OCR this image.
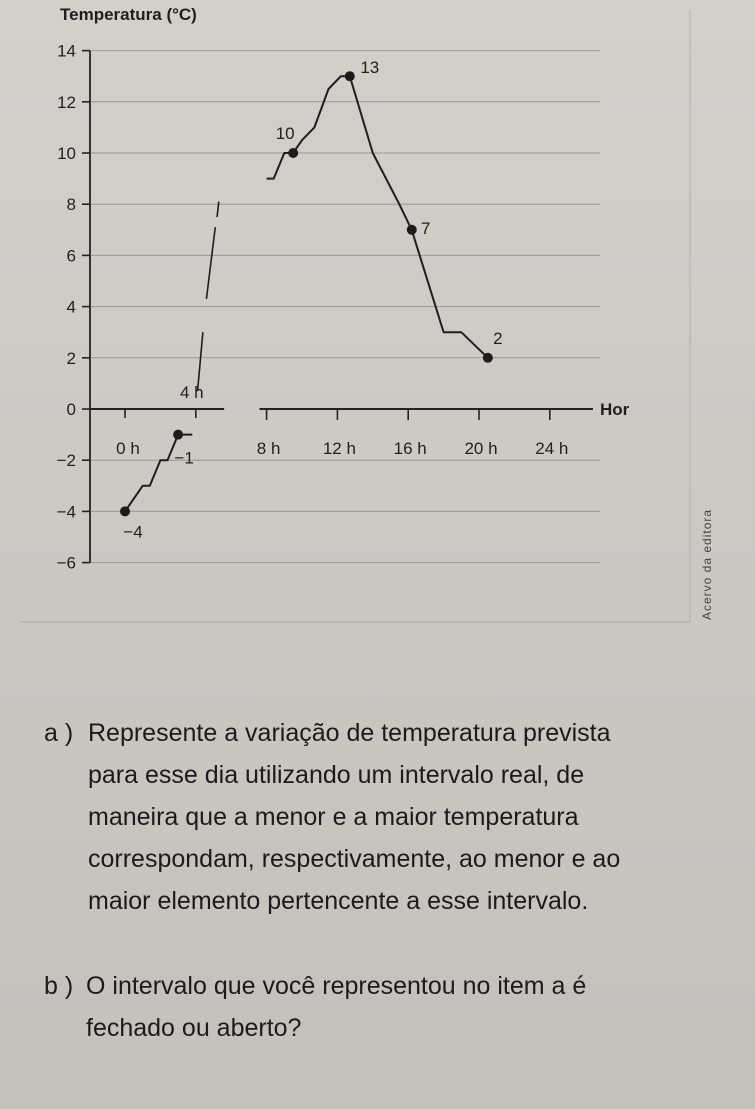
14
12
10
8
6
4
2
0
−2
−4
−6
Hor
0 h
4 h
8 h 12 h 16 h 20 h 24 h
−4
−1
10
13
7
2
Temperatura (°C)
Acervo da editora
a ) Represente a variação de temperatura prevista
para esse dia utilizando um intervalo real, de
maneira que a menor e a maior temperatura
correspondam, respectivamente, ao menor e ao
maior elemento pertencente a esse intervalo.
b ) O intervalo que você representou no item a é
fechado ou aberto?
